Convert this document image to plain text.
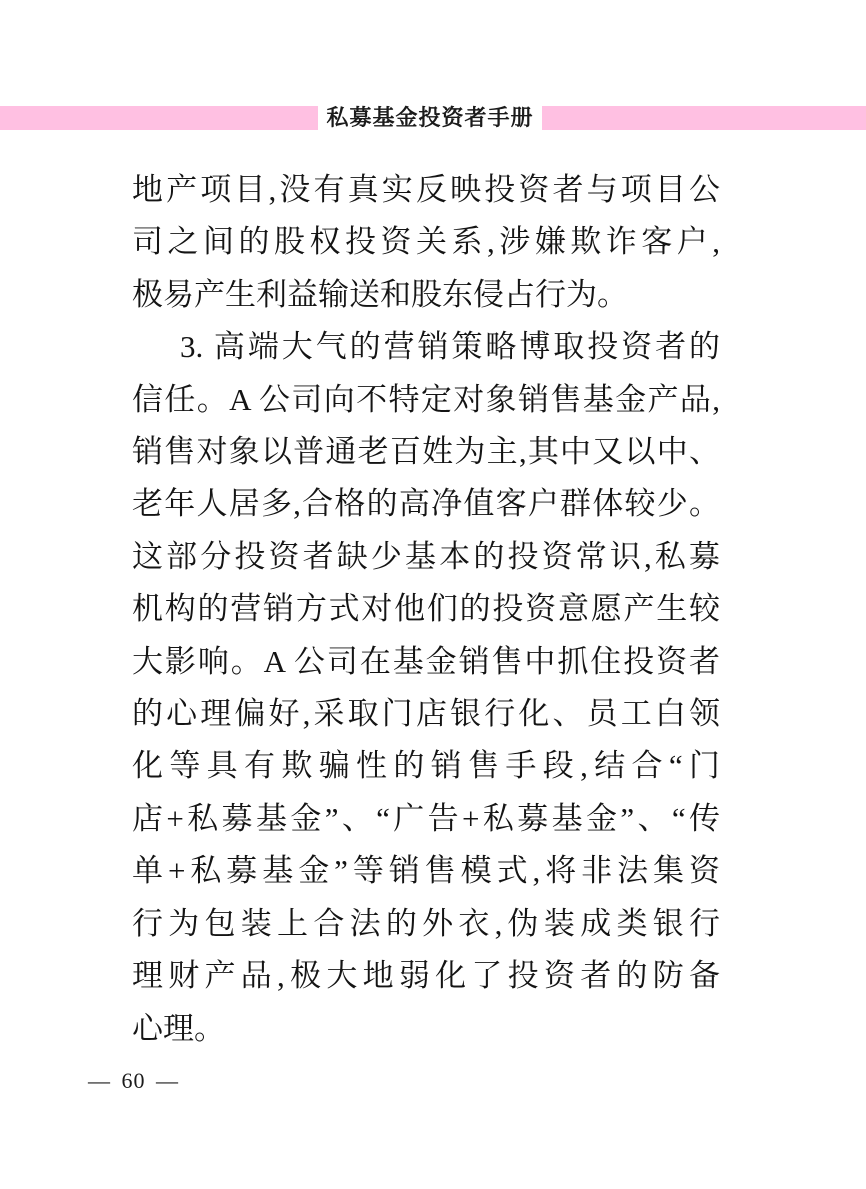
私募基金投资者手册
地产项目,没有真实反映投资者与项目公
司之间的股权投资关系,涉嫌欺诈客户,
极易产生利益输送和股东侵占行为。
3. 高端大气的营销策略博取投资者的
信任。A 公司向不特定对象销售基金产品,
销售对象以普通老百姓为主,其中又以中、
老年人居多,合格的高净值客户群体较少。
这部分投资者缺少基本的投资常识,私募
机构的营销方式对他们的投资意愿产生较
大影响。A 公司在基金销售中抓住投资者
的心理偏好,采取门店银行化、员工白领
化等具有欺骗性的销售手段,结合“门
店+私募基金”、“广告+私募基金”、“传
单+私募基金”等销售模式,将非法集资
行为包装上合法的外衣,伪装成类银行
理财产品,极大地弱化了投资者的防备
心理。
— 60 —
